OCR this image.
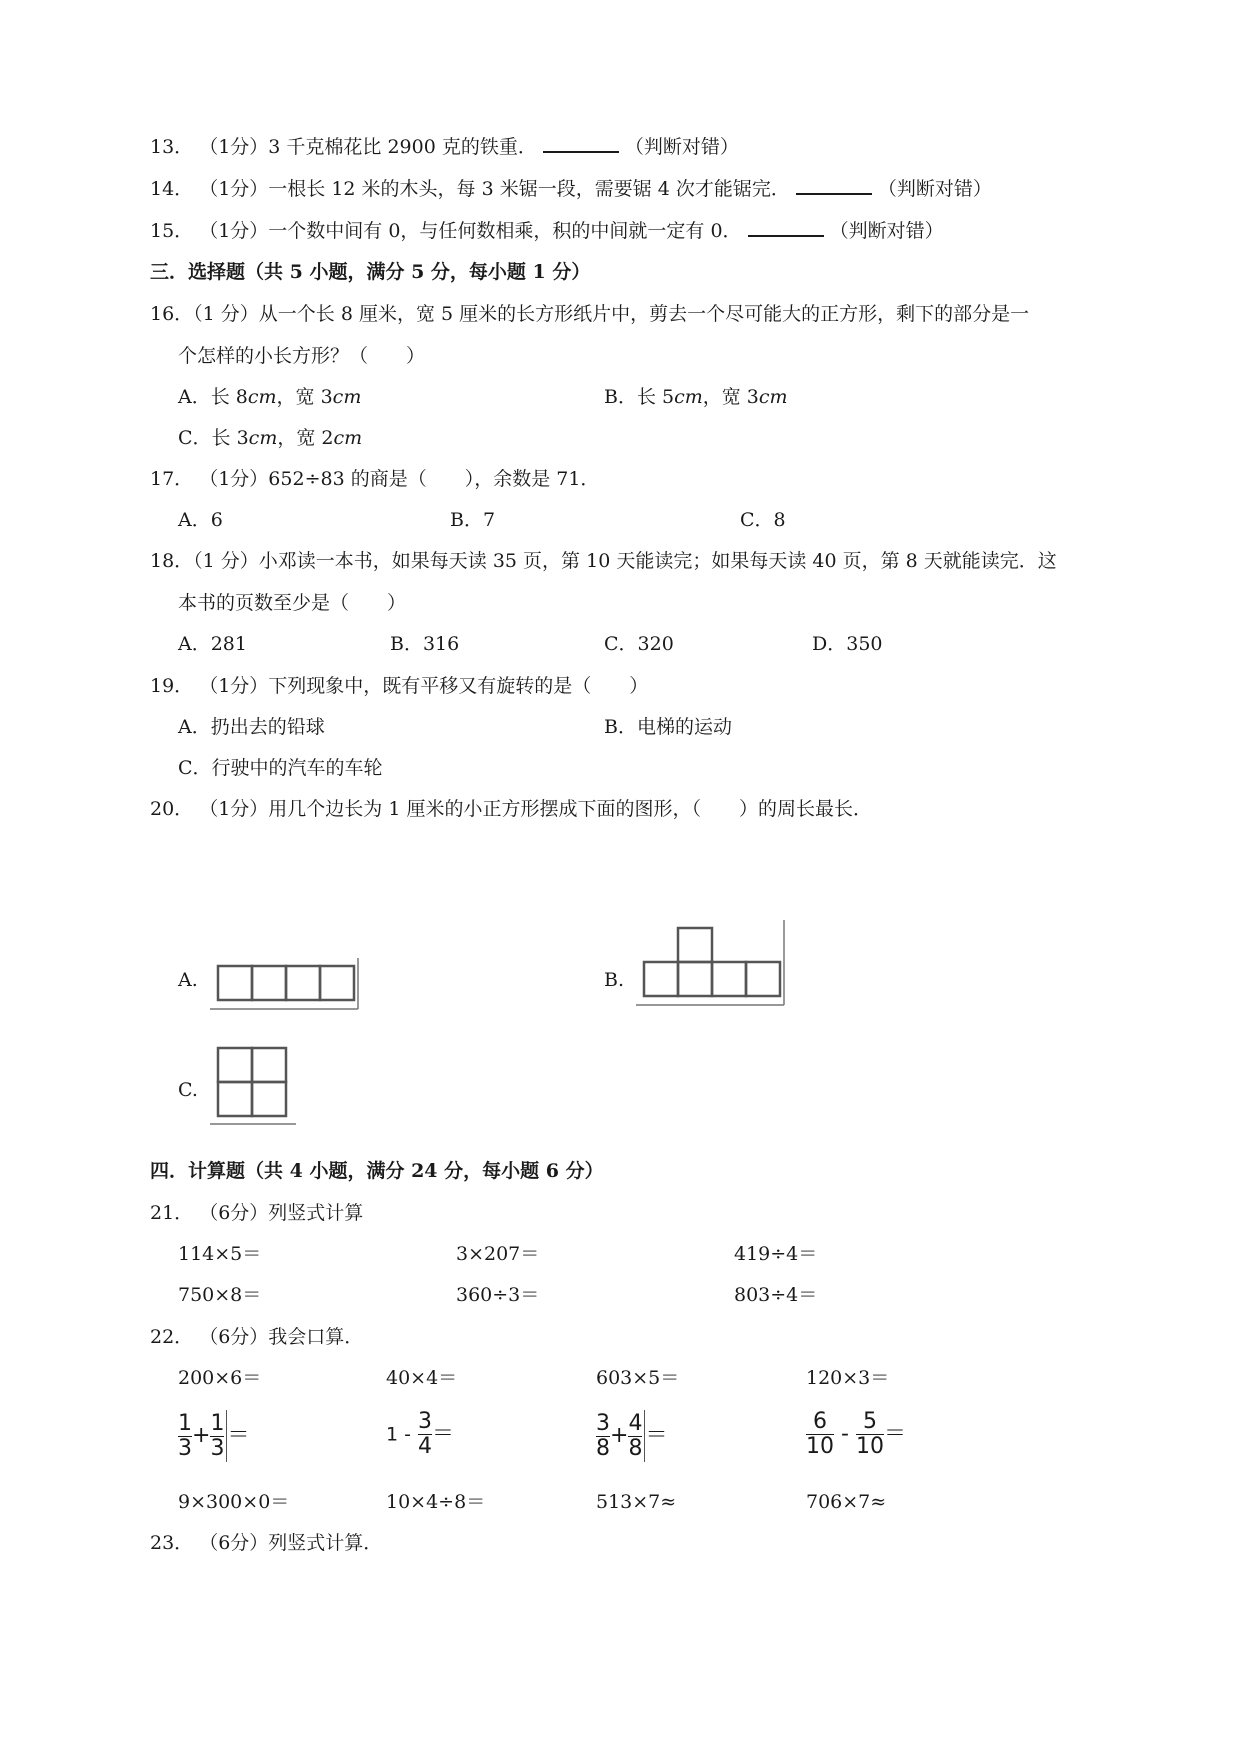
13． （1分）3 千克棉花比 2900 克的铁重．	（判断对错）
14． （1分）一根长 12 米的木头，每 3 米锯一段，需要锯 4 次才能锯完．	（判断对错）
15． （1分）一个数中间有 0，与任何数相乘，积的中间就一定有 0．	（判断对错）
三．选择题（共 5 小题，满分 5 分，每小题 1 分）
16．（1 分）从一个长 8 厘米，宽 5 厘米的长方形纸片中，剪去一个尽可能大的正方形，剩下的部分是一
个怎样的小长方形？（　　）
A．长 8cm，宽 3cm	B．长 5cm，宽 3cm
C．长 3cm，宽 2cm
17． （1分）652÷83 的商是（　　），余数是 71．
A．6	B．7	C．8
18．（1 分）小邓读一本书，如果每天读 35 页，第 10 天能读完；如果每天读 40 页，第 8 天就能读完．这
本书的页数至少是（　　）
A．281	B．316	C．320	D．350
19． （1分）下列现象中，既有平移又有旋转的是（　　）
A．扔出去的铅球	B．电梯的运动
C．行驶中的汽车的车轮
20． （1分）用几个边长为 1 厘米的小正方形摆成下面的图形，（　　）的周长最长．
A.	B.
C.
四．计算题（共 4 小题，满分 24 分，每小题 6 分）
21． （6分）列竖式计算
114×5＝	3×207＝	419÷4＝
750×8＝	360÷3＝	803÷4＝
22． （6分）我会口算．
200×6＝	40×4＝	603×5＝	120×3＝
$\frac{1}{3} + \frac{1}{3}$ ＝	$1 - \frac{3}{4}$ ＝	$\frac{3}{8} + \frac{4}{8}$ ＝	$\frac{6}{10} - \frac{5}{10}$ ＝
9×300×0＝	10×4÷8＝	513×7≈	706×7≈
23． （6分）列竖式计算．
